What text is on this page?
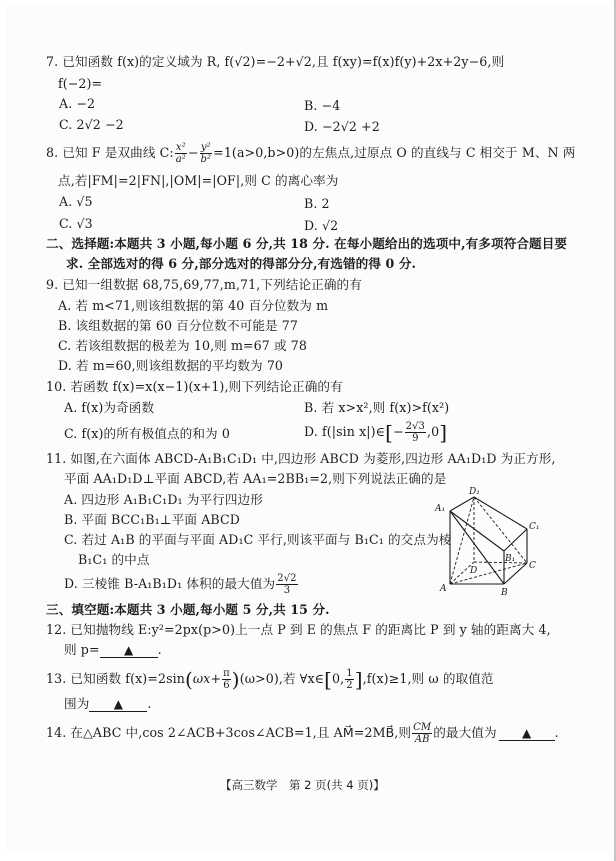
7. 已知函数 f(x)的定义域为 R, f(√2)=−2+√2,且 f(xy)=f(x)f(y)+2x+2y−6,则
f(−2)=
A. −2	B. −4
C. 2√2 −2	D. −2√2 +2
8. 已知 F 是双曲线 C: $\frac{\text{x²}}{\text{a²}} - \frac{\text{y²}}{\text{b²}} =1(a>0,b>0)$的左焦点,过原点 O 的直线与 C 相交于 M、N 两
点,若|FM|=2|FN|,|OM|=|OF|,则 C 的离心率为
A. √5	B. 2
C. √3	D. √2
二、选择题:本题共 3 小题,每小题 6 分,共 18 分. 在每小题给出的选项中,有多项符合题目要
求. 全部选对的得 6 分,部分选对的得部分分,有选错的得 0 分.
9. 已知一组数据 68,75,69,77,m,71,下列结论正确的有
A. 若 m<71,则该组数据的第 40 百分位数为 m
B. 该组数据的第 60 百分位数不可能是 77
C. 若该组数据的极差为 10,则 m=67 或 78
D. 若 m=60,则该组数据的平均数为 70
10. 若函数 f(x)=x(x−1)(x+1),则下列结论正确的有
A. f(x)为奇函数	B. 若 x>x²,则 f(x)>f(x²)
C. f(x)的所有极值点的和为 0	D. f(|sin x|)∈[− $\frac{2√3}{9} ,0$]
11. 如图,在六面体 ABCD-A₁B₁C₁D₁ 中,四边形 ABCD 为菱形,四边形 AA₁D₁D 为正方形,
平面 AA₁D₁D⊥平面 ABCD,若 AA₁=2BB₁=2,则下列说法正确的是
A. 四边形 A₁B₁C₁D₁ 为平行四边形
B. 平面 BCC₁B₁⊥平面 ABCD
C. 若过 A₁B 的平面与平面 AD₁C 平行,则该平面与 B₁C₁ 的交点为棱
B₁C₁ 的中点
D. 三棱锥 B-A₁B₁D₁ 体积的最大值为 $\frac{2√2}{3}$
D₁
A₁
C₁
B₁
D	C
A	B
三、填空题:本题共 3 小题,每小题 5 分,共 15 分.
12. 已知抛物线 E:y²=2px(p>0)上一点 P 到 E 的焦点 F 的距离比 P 到 y 轴的距离大 4,
则 p= ▲ .
13. 已知函数 $f(x)=2\sin(\omega x+ \frac{\pi}{6} )(\omega>0)$,若 ∀x∈[0, $\frac{1}{2} ],f(x)\ge 1$,则 ω 的取值范
围为 ▲ .
14. 在△ABC 中,cos 2∠ACB+3cos∠ACB=1,且 AM⃗=2MB⃗,则 $\frac{CM}{AB}$ 的最大值为 ▲ .
【高三数学　第 2 页(共 4 页)】
